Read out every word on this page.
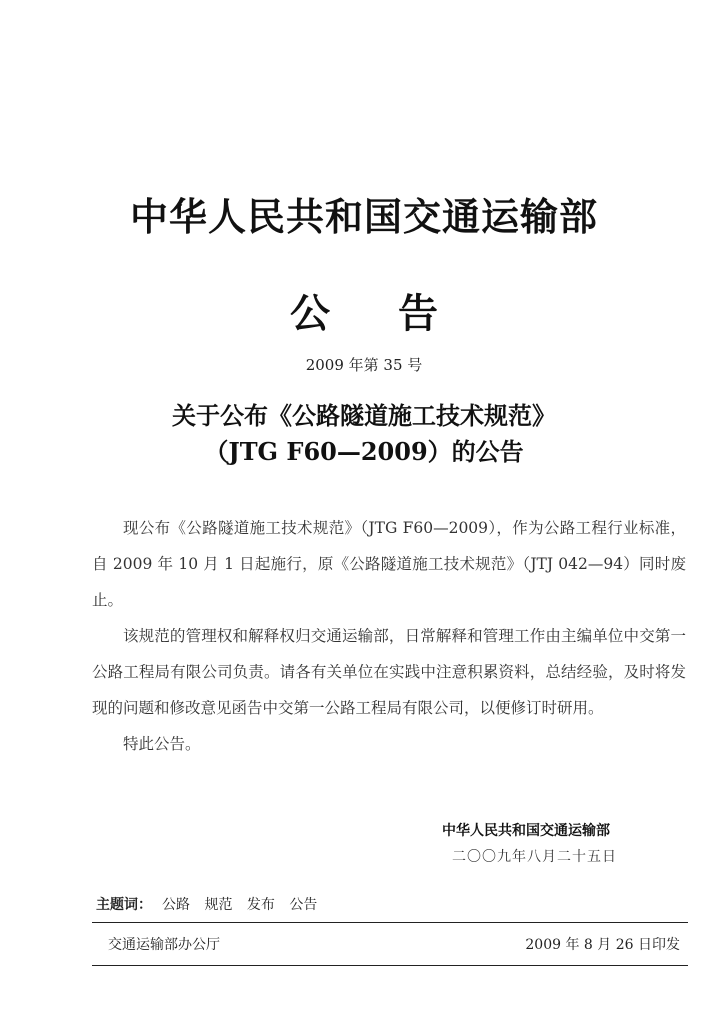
中华人民共和国交通运输部
公告
2009 年第 35 号
关于公布《公路隧道施工技术规范》
（JTG F60—2009）的公告

现公布《公路隧道施工技术规范》（JTG F60—2009），作为公路工程行业标准，自 2009 年 10 月 1 日起施行，原《公路隧道施工技术规范》（JTJ 042—94）同时废止。

该规范的管理权和解释权归交通运输部，日常解释和管理工作由主编单位中交第一公路工程局有限公司负责。请各有关单位在实践中注意积累资料，总结经验，及时将发现的问题和修改意见函告中交第一公路工程局有限公司，以便修订时研用。

特此公告。

中华人民共和国交通运输部
二〇〇九年八月二十五日
主题词： 公路 规范 发布 公告
交通运输部办公厅	2009 年 8 月 26 日印发
